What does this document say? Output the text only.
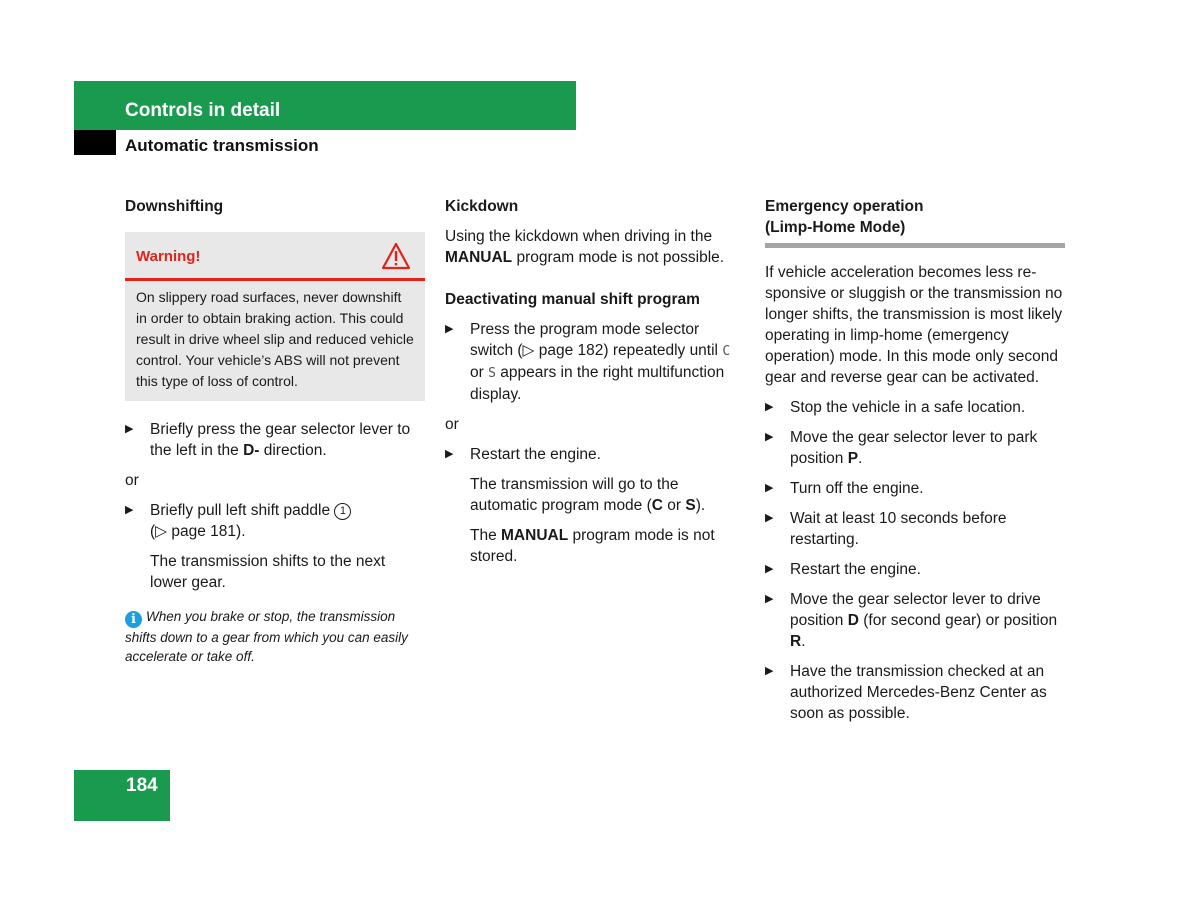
Controls in detail
Automatic transmission

Downshifting

Warning!
On slippery road surfaces, never downshift in order to obtain braking action. This could result in drive wheel slip and reduced vehicle control. Your vehicle’s ABS will not prevent this type of loss of control.
▶	Briefly press the gear selector lever to the left in the D- direction.

or

▶	Briefly pull left shift paddle 1
(▷ page 181).

The transmission shifts to the next lower gear.

i When you brake or stop, the transmission shifts down to a gear from which you can easily accelerate or take off.

Kickdown

Using the kickdown when driving in the MANUAL program mode is not possible.

Deactivating manual shift program

▶	Press the program mode selector switch (▷ page 182) repeatedly until C or S appears in the right multifunction display.

or

▶	Restart the engine.

The transmission will go to the automatic program mode (C or S).

The MANUAL program mode is not stored.

Emergency operation
(Limp-Home Mode)

If vehicle acceleration becomes less re-sponsive or sluggish or the transmission no longer shifts, the transmission is most likely operating in limp-home (emergency operation) mode. In this mode only second gear and reverse gear can be activated.

▶	Stop the vehicle in a safe location.
▶	Move the gear selector lever to park position P.
▶	Turn off the engine.
▶	Wait at least 10 seconds before restarting.
▶	Restart the engine.
▶	Move the gear selector lever to drive position D (for second gear) or position R.
▶	Have the transmission checked at an authorized Mercedes-Benz Center as soon as possible.
184
